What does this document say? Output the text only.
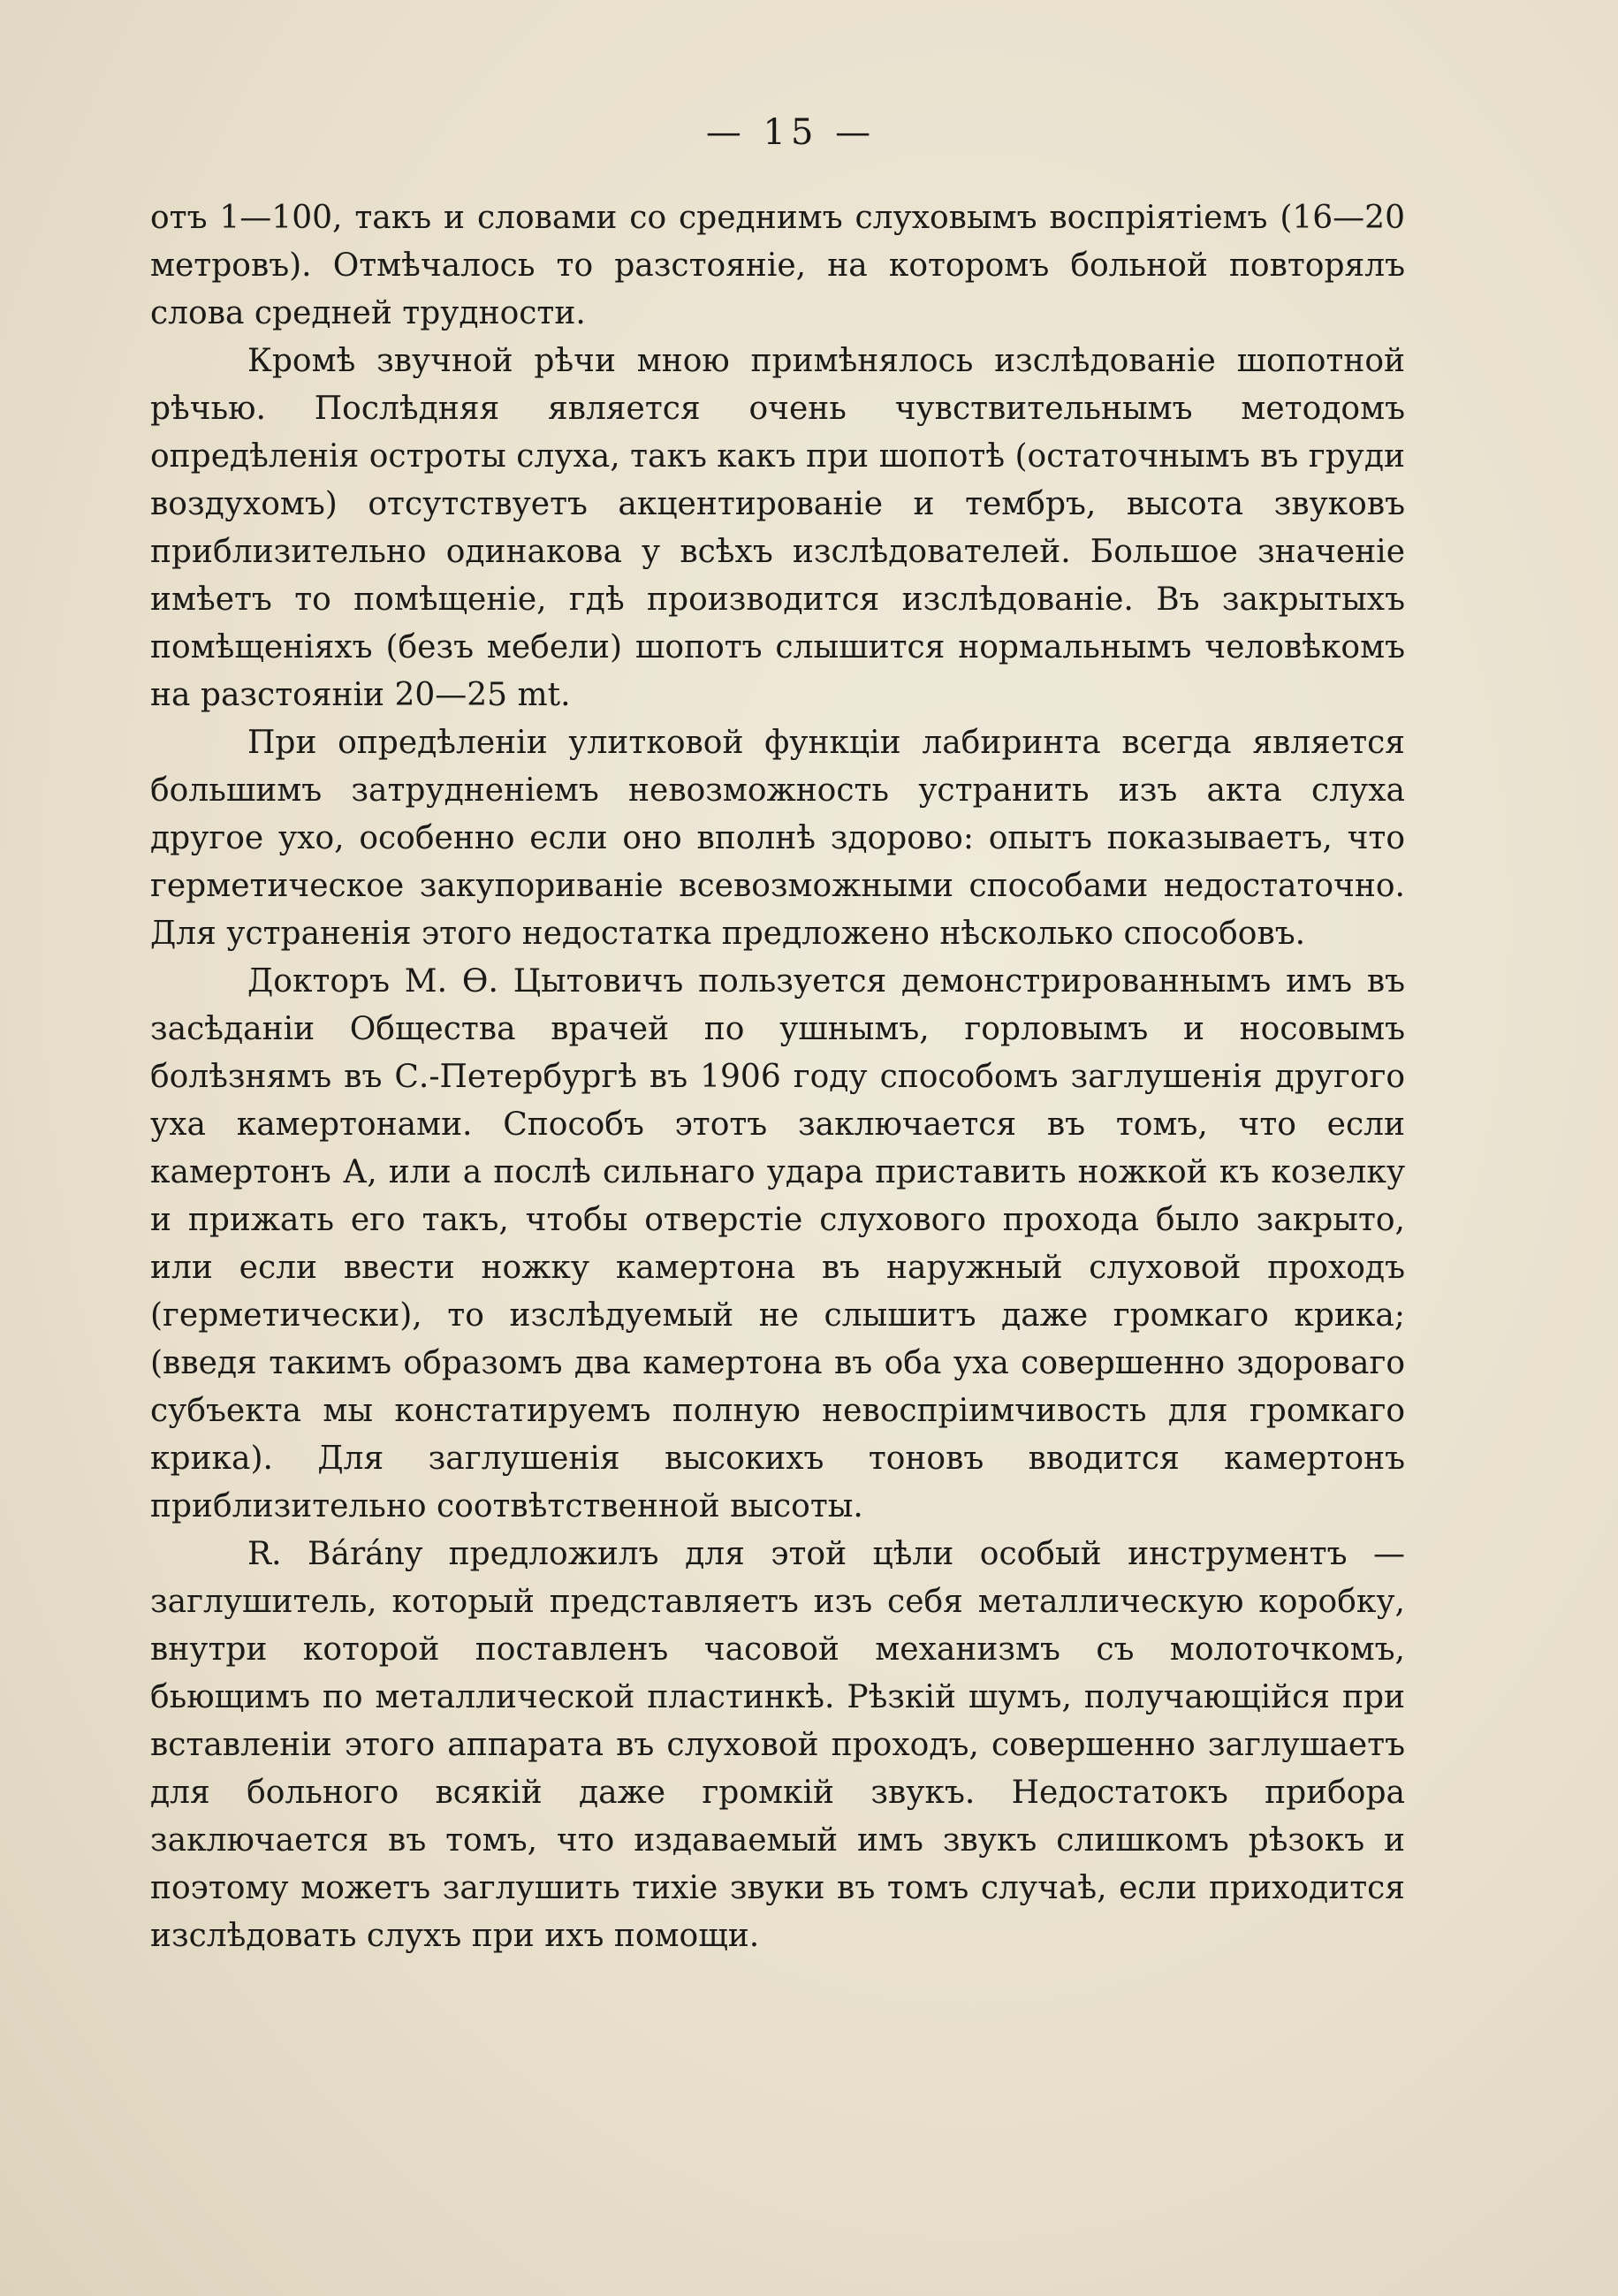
— 15 —

отъ 1—100, такъ и словами со среднимъ слуховымъ воспріятіемъ (16—20 метровъ). Отмѣчалось то разстояніе, на которомъ больной повторялъ слова средней трудности.

Кромѣ звучной рѣчи мною примѣнялось изслѣдованіе шопотной рѣчью. Послѣдняя является очень чувствительнымъ методомъ опредѣленія остроты слуха, такъ какъ при шопотѣ (остаточнымъ въ груди воздухомъ) отсутствуетъ акцентированіе и тембръ, высота звуковъ приблизительно одинакова у всѣхъ изслѣдователей. Большое значеніе имѣетъ то помѣщеніе, гдѣ производится изслѣдованіе. Въ закрытыхъ помѣщеніяхъ (безъ мебели) шопотъ слышится нормальнымъ человѣкомъ на разстояніи 20—25 mt.

При опредѣленіи улитковой функціи лабиринта всегда является большимъ затрудненіемъ невозможность устранить изъ акта слуха другое ухо, особенно если оно вполнѣ здорово: опытъ показываетъ, что герметическое закупориваніе всевозможными способами недостаточно. Для устраненія этого недостатка предложено нѣсколько способовъ.

Докторъ М. Ѳ. Цытовичъ пользуется демонстрированнымъ имъ въ засѣданіи Общества врачей по ушнымъ, горловымъ и носовымъ болѣзнямъ въ С.-Петербургѣ въ 1906 году способомъ заглушенія другого уха камертонами. Способъ этотъ заключается въ томъ, что если камертонъ А, или a послѣ сильнаго удара приставить ножкой къ козелку и прижать его такъ, чтобы отверстіе слухового прохода было закрыто, или если ввести ножку камертона въ наружный слуховой проходъ (герметически), то изслѣдуемый не слышитъ даже громкаго крика; (введя такимъ образомъ два камертона въ оба уха совершенно здороваго субъекта мы констатируемъ полную невоспріимчивость для громкаго крика). Для заглушенія высокихъ тоновъ вводится камертонъ приблизительно соотвѣтственной высоты.

R. Bárány предложилъ для этой цѣли особый инструментъ — заглушитель, который представляетъ изъ себя металлическую коробку, внутри которой поставленъ часовой механизмъ съ молоточкомъ, бьющимъ по металлической пластинкѣ. Рѣзкій шумъ, получающійся при вставленіи этого аппарата въ слуховой проходъ, совершенно заглушаетъ для больного всякій даже громкій звукъ. Недостатокъ прибора заключается въ томъ, что издаваемый имъ звукъ слишкомъ рѣзокъ и поэтому можетъ заглушить тихіе звуки въ томъ случаѣ, если приходится изслѣдовать слухъ при ихъ помощи.
